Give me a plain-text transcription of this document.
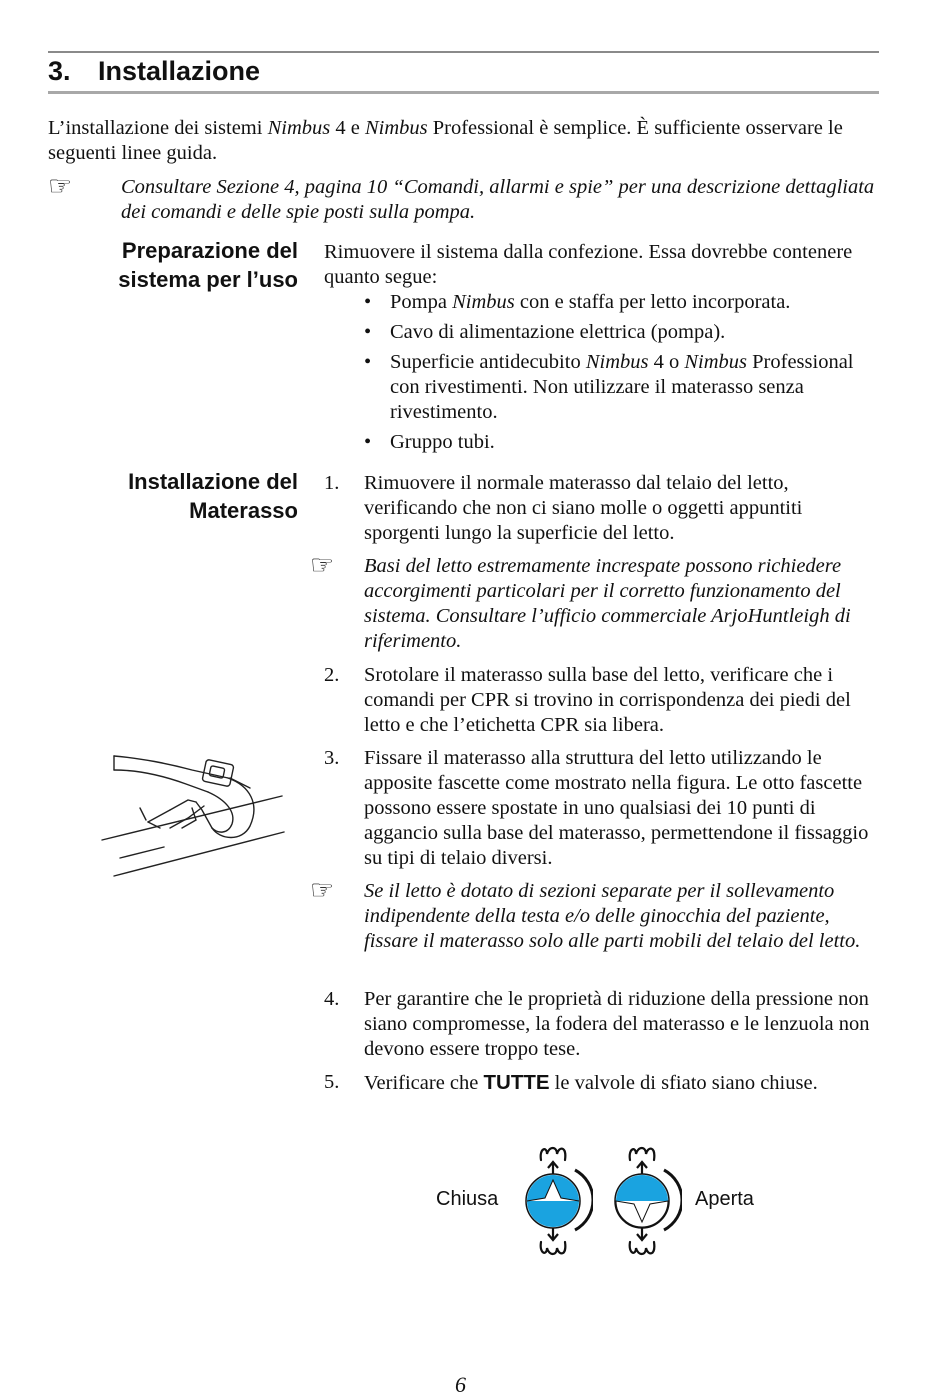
3. Installazione

L’installazione dei sistemi Nimbus 4 e Nimbus Professional è semplice. È sufficiente osservare le seguenti linee guida.

☞ Consultare Sezione 4, pagina 10 “Comandi, allarmi e spie” per una descrizione dettagliata dei comandi e delle spie posti sulla pompa.

Preparazione del
sistema per l’uso

Rimuovere il sistema dalla confezione. Essa dovrebbe contenere quanto segue:

• Pompa Nimbus con e staffa per letto incorporata.
• Cavo di alimentazione elettrica (pompa).
• Superficie antidecubito Nimbus 4 o Nimbus Professional con rivestimenti. Non utilizzare il materasso senza rivestimento.
• Gruppo tubi.
Installazione del
Materasso
1. Rimuovere il normale materasso dal telaio del letto, verificando che non ci siano molle o oggetti appuntiti sporgenti lungo la superficie del letto.
☞ Basi del letto estremamente increspate possono richiedere accorgimenti particolari per il corretto funzionamento del sistema. Consultare l’ufficio commerciale ArjoHuntleigh di riferimento.
2. Srotolare il materasso sulla base del letto, verificare che i comandi per CPR si trovino in corrispondenza dei piedi del letto e che l’etichetta CPR sia libera.
3. Fissare il materasso alla struttura del letto utilizzando le apposite fascette come mostrato nella figura. Le otto fascette possono essere spostate in uno qualsiasi dei 10 punti di aggancio sulla base del materasso, permettendone il fissaggio su tipi di telaio diversi.
☞ Se il letto è dotato di sezioni separate per il sollevamento indipendente della testa e/o delle ginocchia del paziente, fissare il materasso solo alle parti mobili del telaio del letto.
4. Per garantire che le proprietà di riduzione della pressione non siano compromesse, la fodera del materasso e le lenzuola non devono essere troppo tese.
5. Verificare che TUTTE le valvole di sfiato siano chiuse.
Chiusa	Aperta
6
